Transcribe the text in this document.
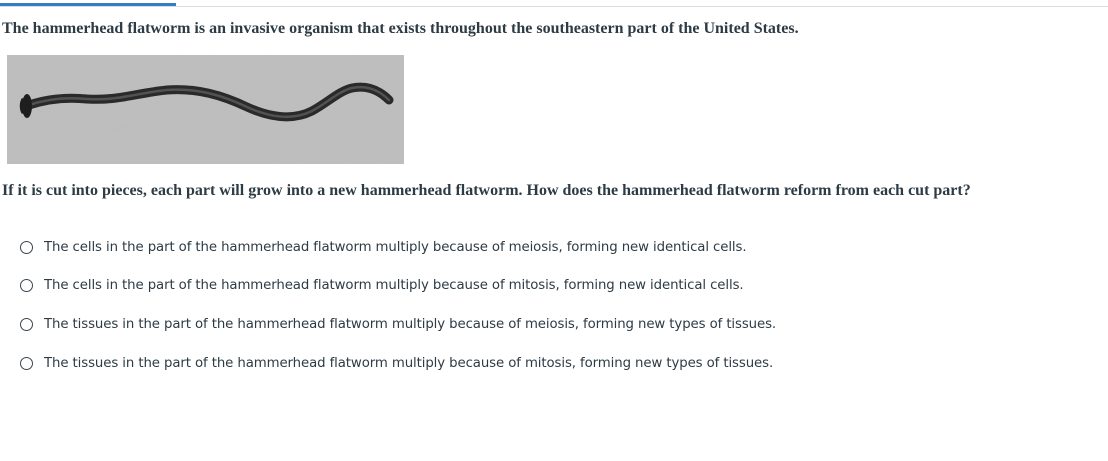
The hammerhead flatworm is an invasive organism that exists throughout the southeastern part of the United States.

If it is cut into pieces, each part will grow into a new hammerhead flatworm. How does the hammerhead flatworm reform from each cut part?

The cells in the part of the hammerhead flatworm multiply because of meiosis, forming new identical cells.
The cells in the part of the hammerhead flatworm multiply because of mitosis, forming new identical cells.
The tissues in the part of the hammerhead flatworm multiply because of meiosis, forming new types of tissues.
The tissues in the part of the hammerhead flatworm multiply because of mitosis, forming new types of tissues.
